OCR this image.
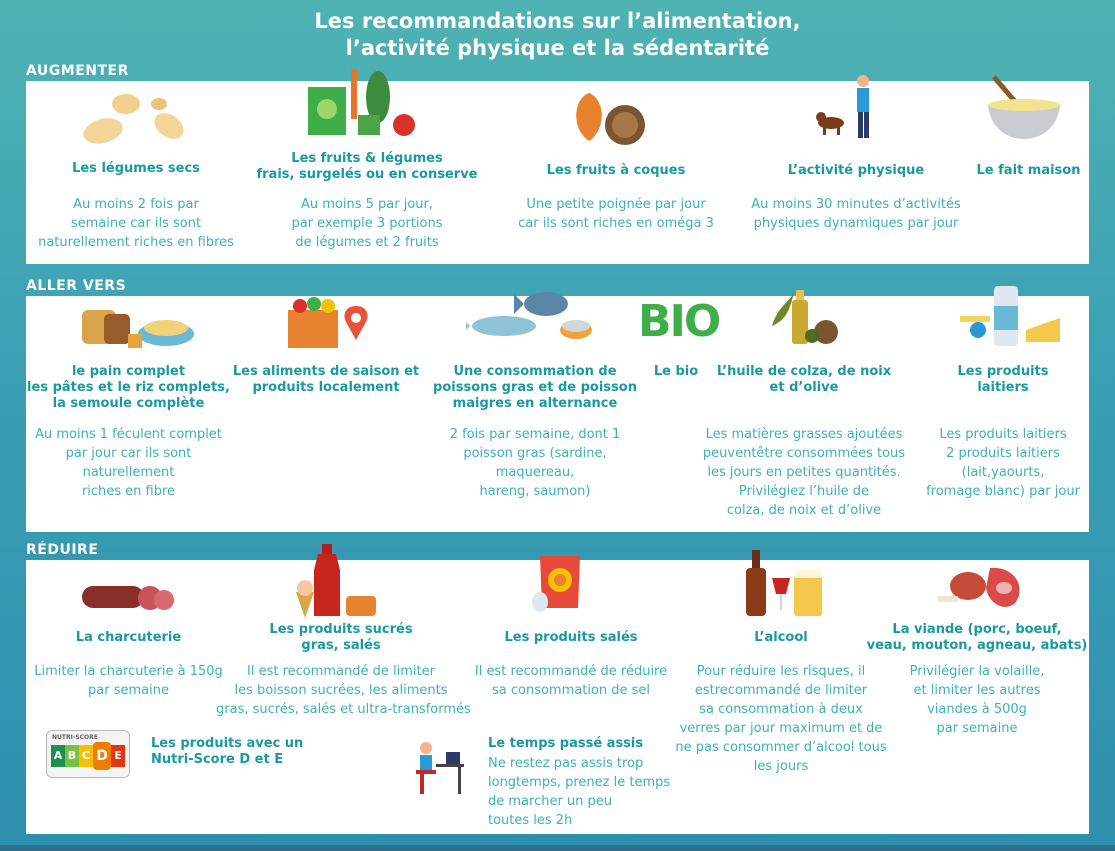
Les recommandations sur l’alimentation,
l’activité physique et la sédentarité
AUGMENTER
ALLER VERS
RÉDUIRE
Les légumes secs
Au moins 2 fois par
semaine car ils sont
naturellement riches en fibres
Les fruits & légumes
frais, surgelés ou en conserve
Au moins 5 par jour,
par exemple 3 portions
de légumes et 2 fruits
Les fruits à coques
Une petite poignée par jour
car ils sont riches en oméga 3
L’activité physique
Au moins 30 minutes d’activités
physiques dynamiques par jour
Le fait maison
BIO
le pain complet
les pâtes et le riz complets,
la semoule complète
Au moins 1 féculent complet
par jour car ils sont
naturellement
riches en fibre
Les aliments de saison et
produits localement
Une consommation de
poissons gras et de poisson
maigres en alternance
2 fois par semaine, dont 1
poisson gras (sardine,
maquereau,
hareng, saumon)
Le bio	L’huile de colza, de noix
et d’olive
Les matières grasses ajoutées
peuventêtre consommées tous
les jours en petites quantités.
Privilégiez l’huile de
colza, de noix et d’olive
Les produits
laitiers
Les produits laitiers
2 produits laitiers
(lait,yaourts,
fromage blanc) par jour
La charcuterie
Limiter la charcuterie à 150g
par semaine
Les produits sucrés
gras, salés
Il est recommandé de limiter
les boisson sucrées, les aliments
gras, sucrés, salés et ultra-transformés
Les produits salés
Il est recommandé de réduire
sa consommation de sel
L’alcool
Pour réduire les risques, il
estrecommandé de limiter
sa consommation à deux
verres par jour maximum et de
ne pas consommer d’alcool tous
les jours
La viande (porc, boeuf,
veau, mouton, agneau, abats)
Privilégier la volaille,
et limiter les autres
viandes à 500g
par semaine
NUTRI-SCORE
A B C D E
Les produits avec un
Nutri-Score D et E
Le temps passé assis
Ne restez pas assis trop
longtemps, prenez le temps
de marcher un peu
toutes les 2h
